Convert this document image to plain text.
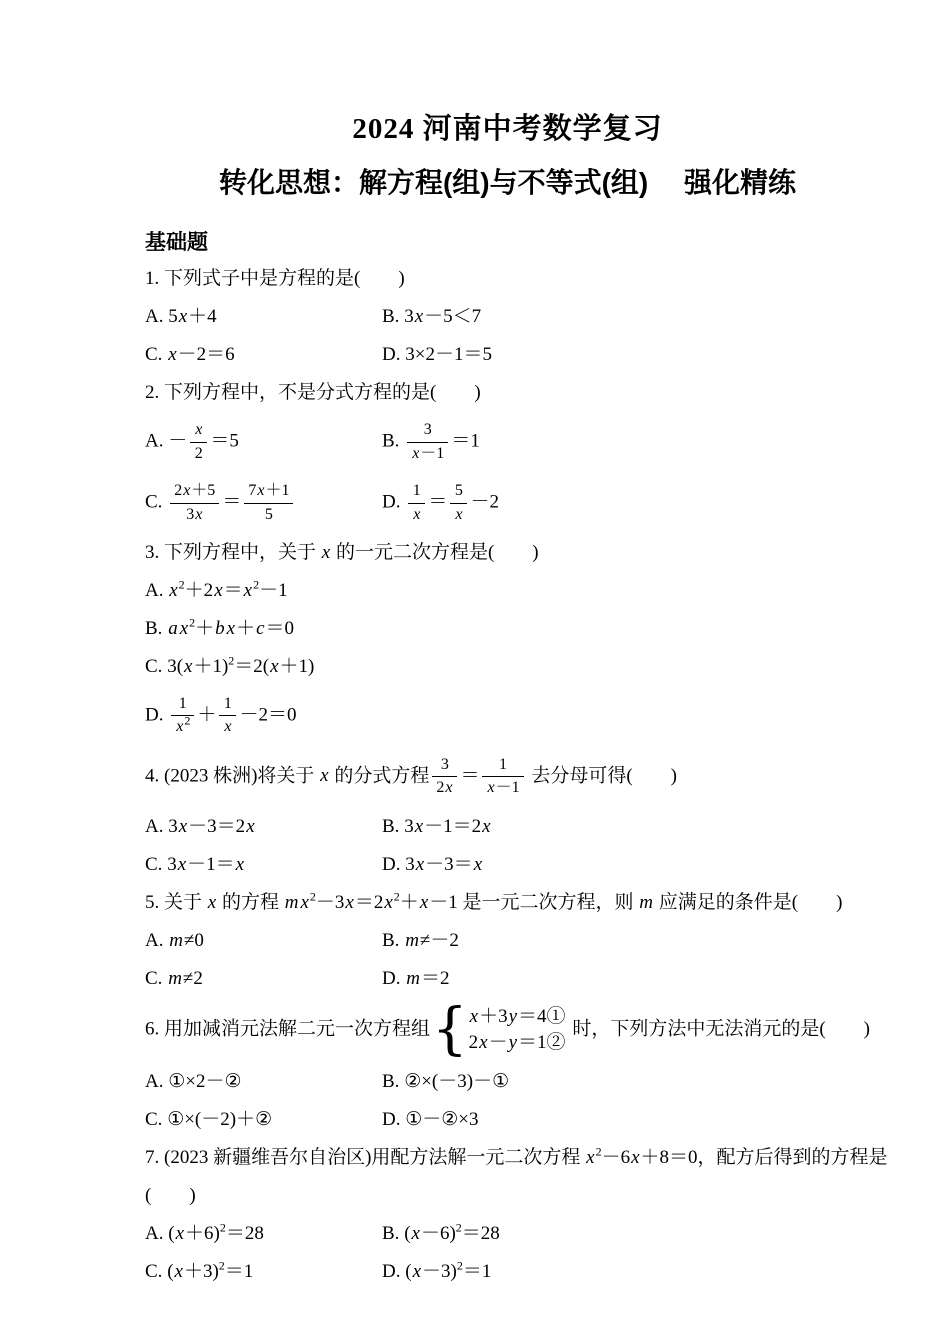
2024 河南中考数学复习
转化思想：解方程(组)与不等式(组)　 强化精练
基础题
1. 下列式子中是方程的是(　　)
A. 5x＋4	B. 3x－5＜7
C. x－2＝6	D. 3×2－1＝5
2. 下列方程中，不是分式方程的是(　　)
A. － $\frac{x}{2} =5$	B. $\frac{3}{x-1} =1$
C. $\frac{2x+5}{3x} = \frac{7x+1}{5}$	D. $\frac{1}{x} = \frac{5}{x} -2$
3. 下列方程中，关于 x 的一元二次方程是(　　)
A. $x^2+2x=x^2-1$
B. a $x^2+b$ x＋c＝0
C. $3(x+1)^2=2(x+1)$
D. $\frac{1}{x^2} + \frac{1}{x} -2=0$
4. (2023 株洲)将关于 x 的分式方程 $\frac{3}{2x} = \frac{1}{x-1}$ 去分母可得(　　)
A. 3x－3＝2x	B. 3x－1＝2x
C. 3x－1＝x	D. 3x－3＝x
5. 关于 x 的方程 m $x^2-3x=2x^2+x-1$ 是一元二次方程，则 m 应满足的条件是(　　)
A. m≠0	B. m≠－2
C. m≠2	D. m＝2
6. 用加减消元法解二元一次方程组 { x＋3y＝4①
2x－y＝1②
时，下列方法中无法消元的是(　　)
A. ①×2－②	B. ②×(－3)－①
C. ①×(－2)＋②	D. ①－②×3
7. (2023 新疆维吾尔自治区)用配方法解一元二次方程 $x^2-6x+8=0$，配方后得到的方程是
(　　)
A. $(x+6)^2=28$	B. $(x-6)^2=28$
C. $(x+3)^2=1$	D. $(x-3)^2=1$
